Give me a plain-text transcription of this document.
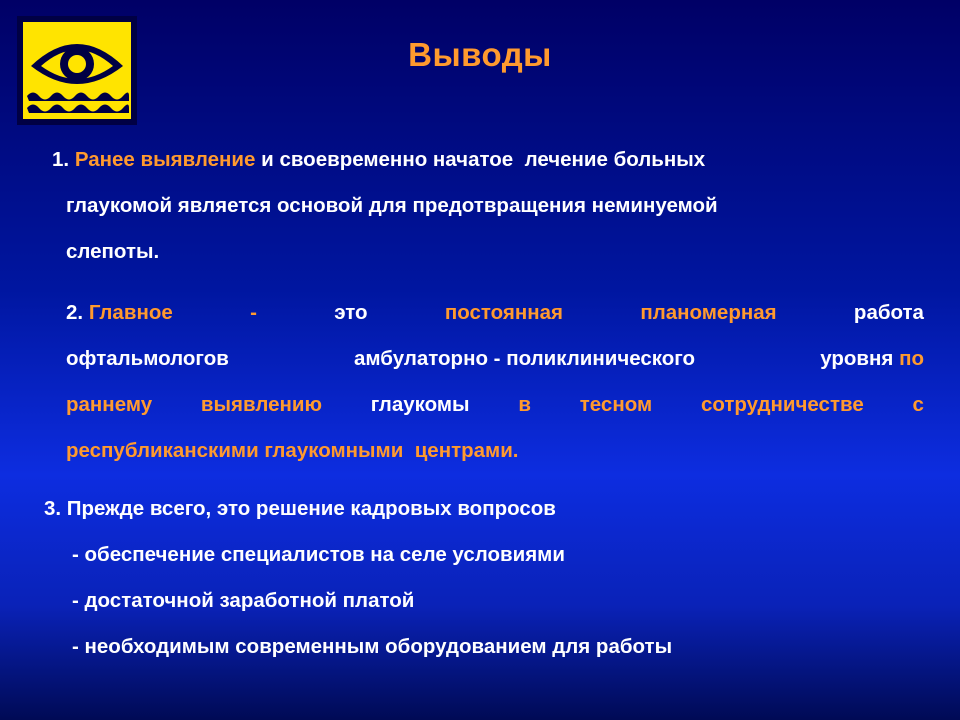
Выводы
1. Ранее выявление и своевременно начатое  лечение больных
глаукомой является основой для предотвращения неминуемой
слепоты.
2. Главное	-	это	постоянная	планомерная	работа
офтальмологов	амбулаторно - поликлинического	уровня по
раннему выявлению глаукомы в тесном сотрудничестве с
республиканскими глаукомными  центрами.
3. Прежде всего, это решение кадровых вопросов
- обеспечение специалистов на селе условиями
- достаточной заработной платой
- необходимым современным оборудованием для работы
